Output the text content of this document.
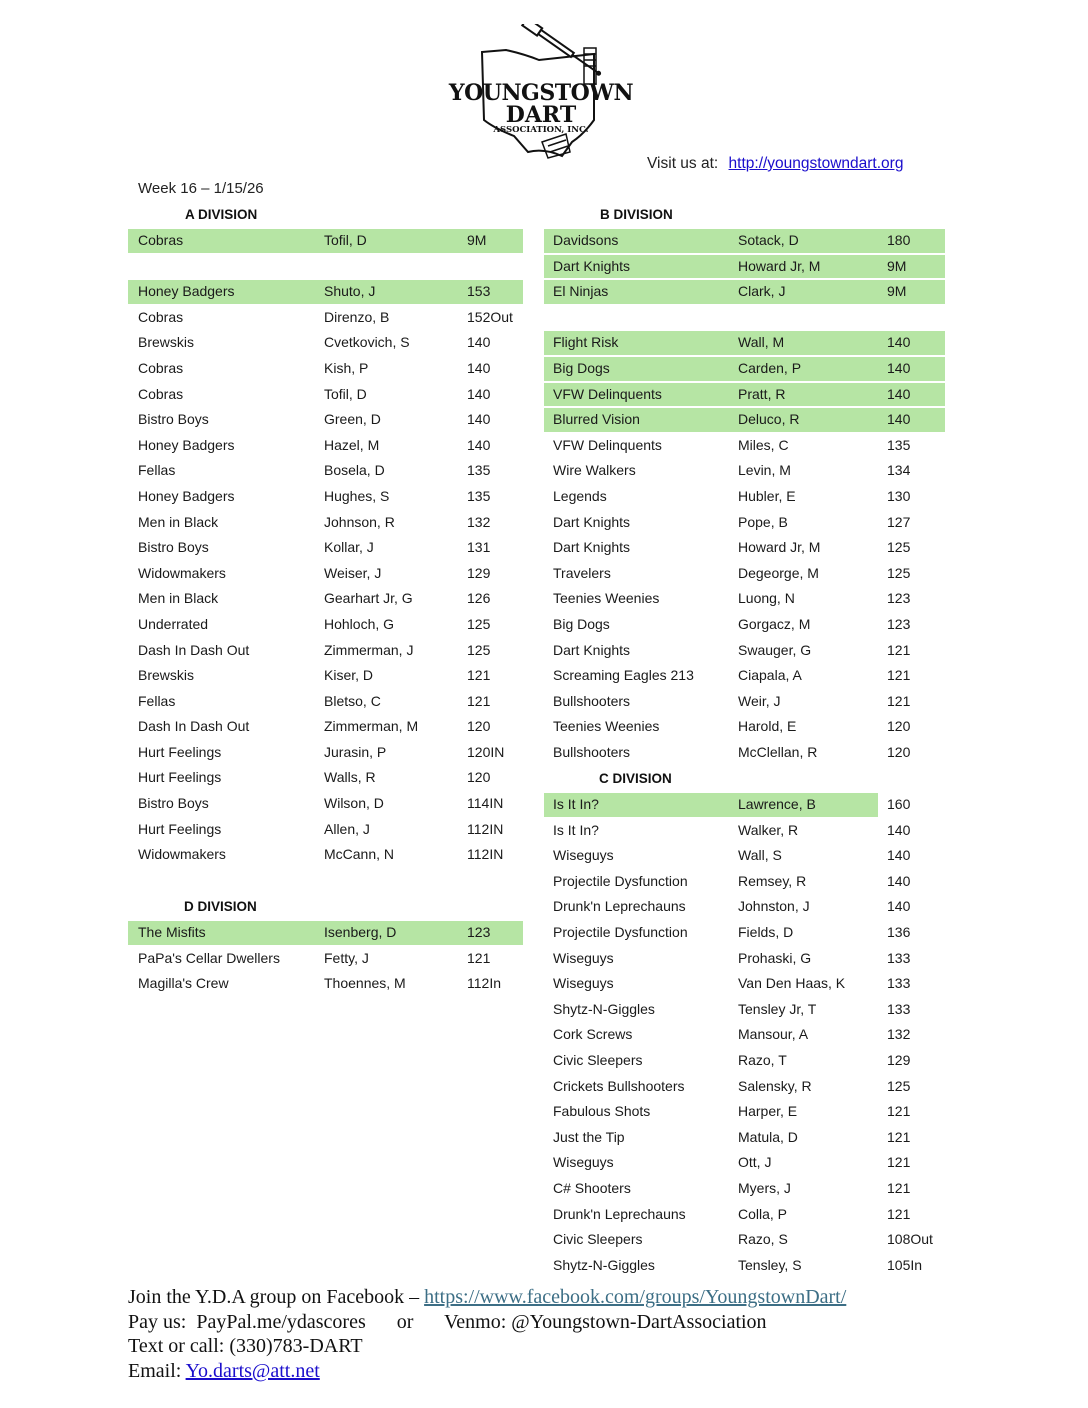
YOUNGSTOWN
DART
ASSOCIATION, INC.
Visit us at: http://youngstowndart.org
Week 16 – 1/15/26
A DIVISION	B DIVISION
C DIVISION
D DIVISION
Cobras	Tofil, D	9M
Honey Badgers	Shuto, J	153
Cobras	Direnzo, B	152Out
Brewskis	Cvetkovich, S	140
Cobras	Kish, P	140
Cobras	Tofil, D	140
Bistro Boys	Green, D	140
Honey Badgers	Hazel, M	140
Fellas	Bosela, D	135
Honey Badgers	Hughes, S	135
Men in Black	Johnson, R	132
Bistro Boys	Kollar, J	131
Widowmakers	Weiser, J	129
Men in Black	Gearhart Jr, G	126
Underrated	Hohloch, G	125
Dash In Dash Out	Zimmerman, J	125
Brewskis	Kiser, D	121
Fellas	Bletso, C	121
Dash In Dash Out	Zimmerman, M	120
Hurt Feelings	Jurasin, P	120IN
Hurt Feelings	Walls, R	120
Bistro Boys	Wilson, D	114IN
Hurt Feelings	Allen, J	112IN
Widowmakers	McCann, N	112IN
The Misfits	Isenberg, D	123
PaPa's Cellar Dwellers	Fetty, J	121
Magilla's Crew	Thoennes, M	112In
Davidsons	Sotack, D	180
Dart Knights	Howard Jr, M	9M
El Ninjas	Clark, J	9M
Flight Risk	Wall, M	140
Big Dogs	Carden, P	140
VFW Delinquents	Pratt, R	140
Blurred Vision	Deluco, R	140
VFW Delinquents	Miles, C	135
Wire Walkers	Levin, M	134
Legends	Hubler, E	130
Dart Knights	Pope, B	127
Dart Knights	Howard Jr, M	125
Travelers	Degeorge, M	125
Teenies Weenies	Luong, N	123
Big Dogs	Gorgacz, M	123
Dart Knights	Swauger, G	121
Screaming Eagles 213	Ciapala, A	121
Bullshooters	Weir, J	121
Teenies Weenies	Harold, E	120
Bullshooters	McClellan, R	120
Is It In?	Lawrence, B	160
Is It In?	Walker, R	140
Wiseguys	Wall, S	140
Projectile Dysfunction	Remsey, R	140
Drunk'n Leprechauns	Johnston, J	140
Projectile Dysfunction	Fields, D	136
Wiseguys	Prohaski, G	133
Wiseguys	Van Den Haas, K	133
Shytz-N-Giggles	Tensley Jr, T	133
Cork Screws	Mansour, A	132
Civic Sleepers	Razo, T	129
Crickets Bullshooters	Salensky, R	125
Fabulous Shots	Harper, E	121
Just the Tip	Matula, D	121
Wiseguys	Ott, J	121
C# Shooters	Myers, J	121
Drunk'n Leprechauns	Colla, P	121
Civic Sleepers	Razo, S	108Out
Shytz-N-Giggles	Tensley, S	105In
Join the Y.D.A group on Facebook – https://www.facebook.com/groups/YoungstownDart/
Pay us: PayPal.me/ydascores or Venmo: @Youngstown-DartAssociation
Text or call: (330)783-DART
Email: Yo.darts@att.net
